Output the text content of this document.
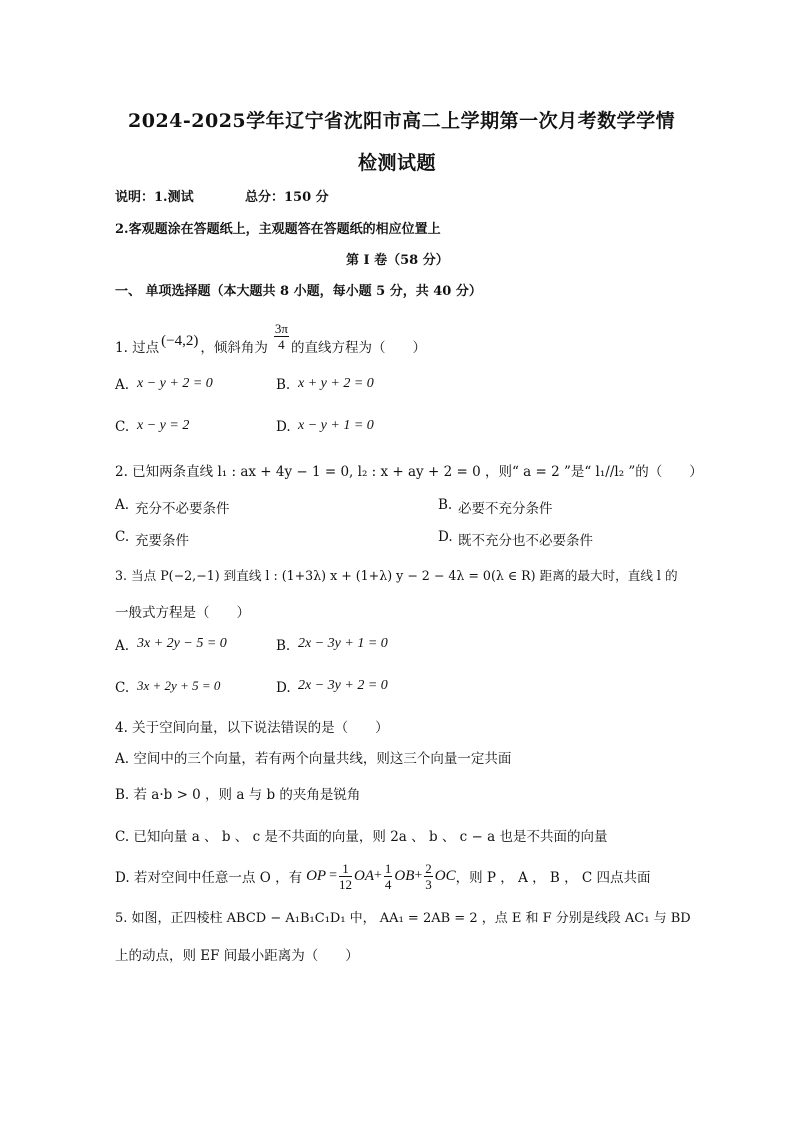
2024-2025学年辽宁省沈阳市高二上学期第一次月考数学学情
检测试题
说明：1.测试	总分：150 分
2.客观题涂在答题纸上，主观题答在答题纸的相应位置上
第 I 卷（58 分）
一、 单项选择题（本大题共 8 小题，每小题 5 分，共 40 分）
1. 过点 (−4,2) ，倾斜角为 $\frac{3\pi}{4}$ 的直线方程为（　　）
A. x − y + 2 = 0	B. x + y + 2 = 0
C. x − y = 2	D. x − y + 1 = 0
2. 已知两条直线 l₁ : ax + 4y − 1 = 0, l₂ : x + ay + 2 = 0 ，则“ a = 2 ”是“ l₁//l₂ ”的（　　）
A. 充分不必要条件	B. 必要不充分条件
C. 充要条件	D. 既不充分也不必要条件
3. 当点 P(−2,−1) 到直线 l : (1+3λ) x + (1+λ) y − 2 − 4λ = 0(λ ∈ R) 距离的最大时，直线 l 的
一般式方程是（　　）
A. 3x + 2y − 5 = 0	B. 2x − 3y + 1 = 0
C. 3x + 2y + 5 = 0	D. 2x − 3y + 2 = 0
4. 关于空间向量，以下说法错误的是（　　）
A. 空间中的三个向量，若有两个向量共线，则这三个向量一定共面
B. 若 a·b > 0 ，则 a 与 b 的夹角是锐角
C. 已知向量 a 、 b 、 c 是不共面的向量，则 2a 、 b 、 c − a 也是不共面的向量
D. 若对空间中任意一点 O ，有 OP = $\frac{1}{12}$ OA + $\frac{1}{4}$ OB + $\frac{2}{3}$ OC ，则 P ， A ， B ， C 四点共面
5. 如图，正四棱柱 ABCD − A₁B₁C₁D₁ 中， AA₁ = 2AB = 2 ，点 E 和 F 分别是线段 AC₁ 与 BD
上的动点，则 EF 间最小距离为（　　）
